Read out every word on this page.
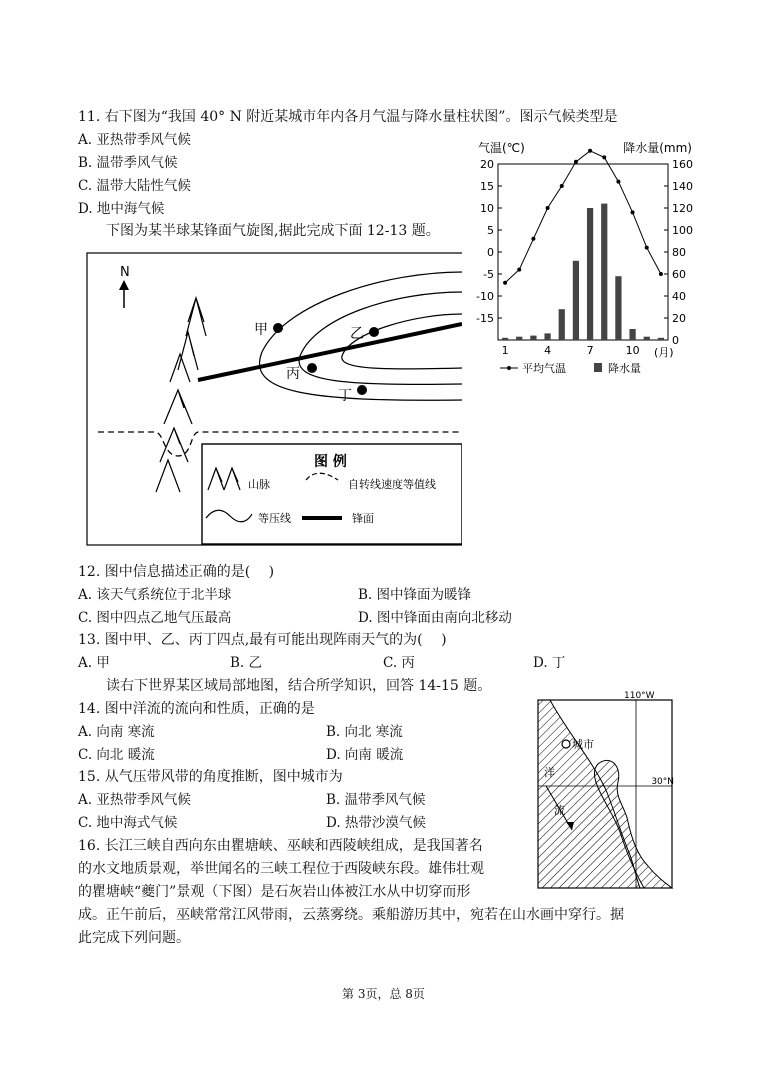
11. 右下图为“我国 40° N 附近某城市年内各月气温与降水量柱状图”。图示气候类型是
A. 亚热带季风气候
B. 温带季风气候
C. 温带大陆性气候
D. 地中海气候
下图为某半球某锋面气旋图,据此完成下面 12-13 题。
气温(℃)	降水量(mm)
20
15
10
5
0
-5
-10
-15
160
140
120
100
80
60
40
20
0
1	4	7	10 (月)
平均气温	降水量
N
甲	乙
丙
丁
图 例
山脉	自转线速度等值线
等压线	锋面
12. 图中信息描述正确的是(　 )
A. 该天气系统位于北半球	B. 图中锋面为暖锋
C. 图中四点乙地气压最高	D. 图中锋面由南向北移动
13. 图中甲、乙、丙丁四点,最有可能出现阵雨天气的为(　 )
A. 甲	B. 乙	C. 丙	D. 丁
读右下世界某区域局部地图，结合所学知识，回答 14-15 题。
14. 图中洋流的流向和性质，正确的是
A. 向南 寒流	B. 向北 寒流
C. 向北 暖流	D. 向南 暖流
15. 从气压带风带的角度推断，图中城市为
A. 亚热带季风气候	B. 温带季风气候
C. 地中海式气候	D. 热带沙漠气候
16. 长江三峡自西向东由瞿塘峡、巫峡和西陵峡组成，是我国著名
的水文地质景观，举世闻名的三峡工程位于西陵峡东段。雄伟壮观
的瞿塘峡“夔门”景观（下图）是石灰岩山体被江水从中切穿而形
成。正午前后，巫峡常常江风带雨，云蒸雾绕。乘船游历其中，宛若在山水画中穿行。据
此完成下列问题。
110°W
30°N
城市
洋
流
第 3页，总 8页
